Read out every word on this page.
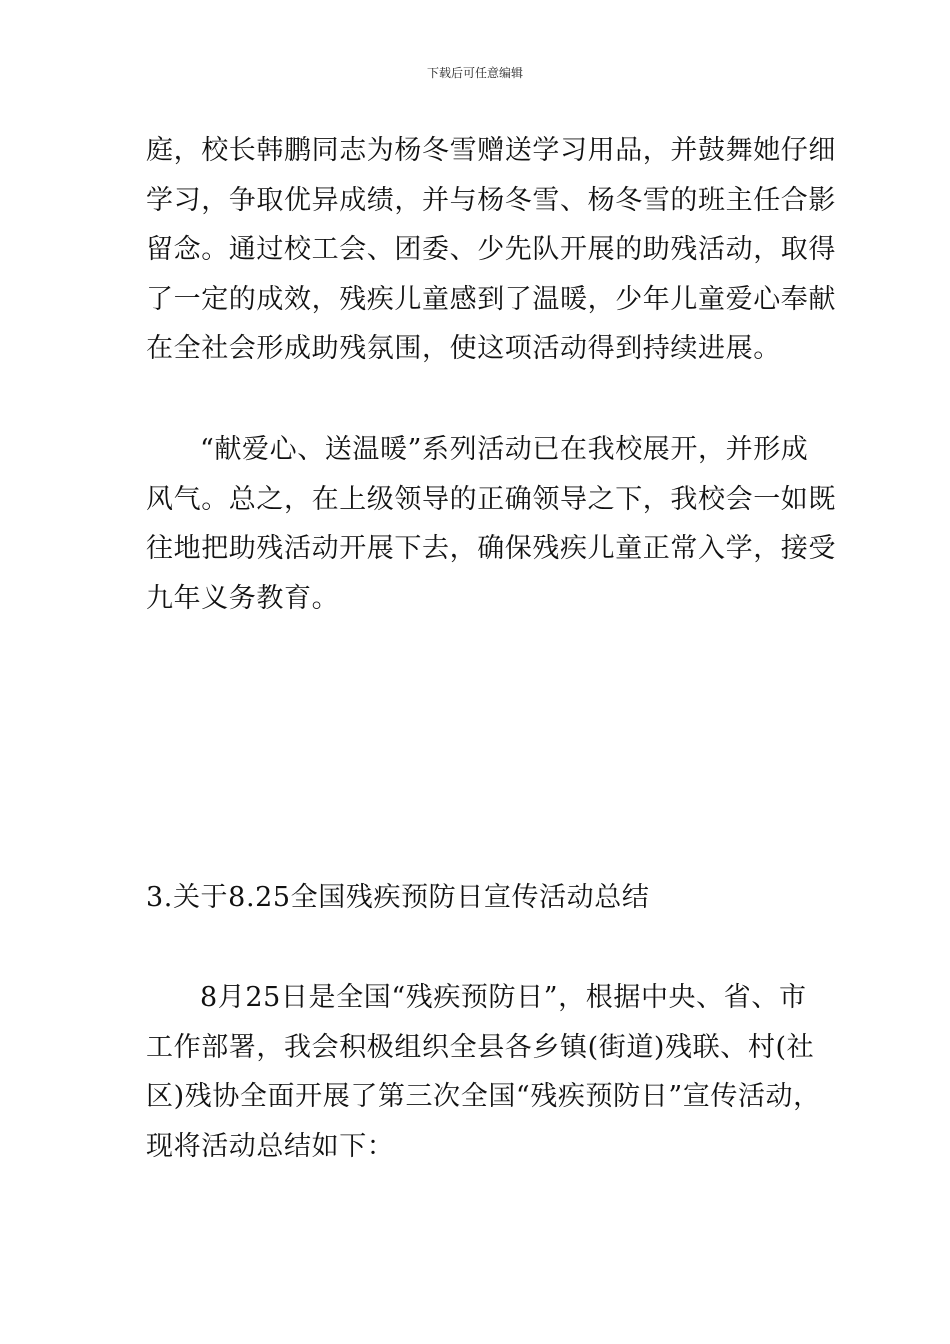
下载后可任意编辑

庭，校长韩鹏同志为杨冬雪赠送学习用品，并鼓舞她仔细
学习，争取优异成绩，并与杨冬雪、杨冬雪的班主任合影
留念。通过校工会、团委、少先队开展的助残活动，取得
了一定的成效，残疾儿童感到了温暖，少年儿童爱心奉献
在全社会形成助残氛围，使这项活动得到持续进展。

“献爱心、送温暖”系列活动已在我校展开，并形成
风气。总之，在上级领导的正确领导之下，我校会一如既
往地把助残活动开展下去，确保残疾儿童正常入学，接受
九年义务教育。

3.关于8.25全国残疾预防日宣传活动总结

8月25日是全国“残疾预防日”，根据中央、省、市
工作部署，我会积极组织全县各乡镇(街道)残联、村(社
区)残协全面开展了第三次全国“残疾预防日”宣传活动，
现将活动总结如下：
